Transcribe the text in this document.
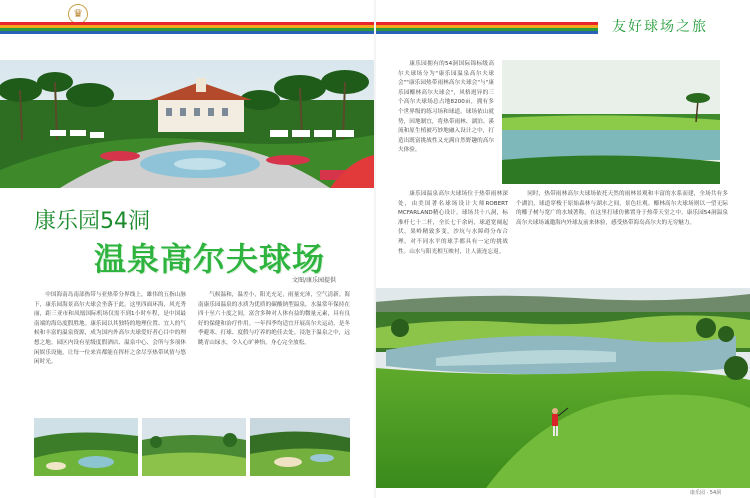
♛
友好球场之旅
康乐园54洞
温泉高尔夫球场
文图/康乐园提供

中国海南岛南部热带与亚热带分界线上，雄伟的五指山脉下，康乐园海景高尔夫球会坐落于此。这里四面环海，风光秀丽，距三亚市和凤凰国际机场仅需不到1小时车程，是中国最南端的海岛度假胜地。康乐园以其独特的地理位置、宜人的气候和丰富的温泉资源，成为国内外高尔夫球爱好者心目中的理想之地。园区内设有星级度假酒店、温泉中心、会所与多项休闲娱乐设施，让每一位来宾都能在挥杆之余尽享热带风情与悠闲时光。

气候温和，温差小，阳光充足，雨量充沛，空气清新。海南康乐园温泉的水质为优质的碳酸钠型温泉，水温常年保持在四十至六十度之间，富含多种对人体有益的微量元素，具有良好的保健和治疗作用。一年四季均适宜开展高尔夫运动，是冬季避寒、打球、度假与疗养的绝佳去处。浸泡于温泉之中，远眺青山绿水，令人心旷神怡，身心完全放松。

康乐园拥有的54洞国际锦标级高尔夫球场分为"康乐园温泉高尔夫球会""康乐园热带雨林高尔夫球会"与"康乐园椰林高尔夫球会"，风格迥异的三个高尔夫球场总占地8200亩，拥有多个世界级的练习场和球道。球场依山就势，因地制宜，将热带雨林、湖泊、溪流和原生植被巧妙地融入设计之中，打造出既富挑战性又充满自然野趣的高尔夫体验。

康乐园温泉高尔夫球场位于热带雨林深处，由美国著名球场设计大师ROBERT MCFARLAND精心设计。球场共十八洞，标准杆七十二杆，全长七千余码，球道宽阔起伏，果岭精致多变，沙坑与水障碍分布合理，对不同水平的球手都具有一定的挑战性。山水与阳光相互映衬，让人流连忘返。

同时，热带雨林高尔夫球场依托天然的雨林景观和丰富的水系而建，全场共有多个湖泊，球道穿梭于原始森林与湖水之间，景色壮观。椰林高尔夫球场则以一望无际的椰子树与宽广的水域著称，在这里打球仿佛置身于热带天堂之中。康乐园54洞温泉高尔夫球场诚邀海内外球友前来体验，感受热带海岛高尔夫的无穷魅力。

康乐园 · 54洞
